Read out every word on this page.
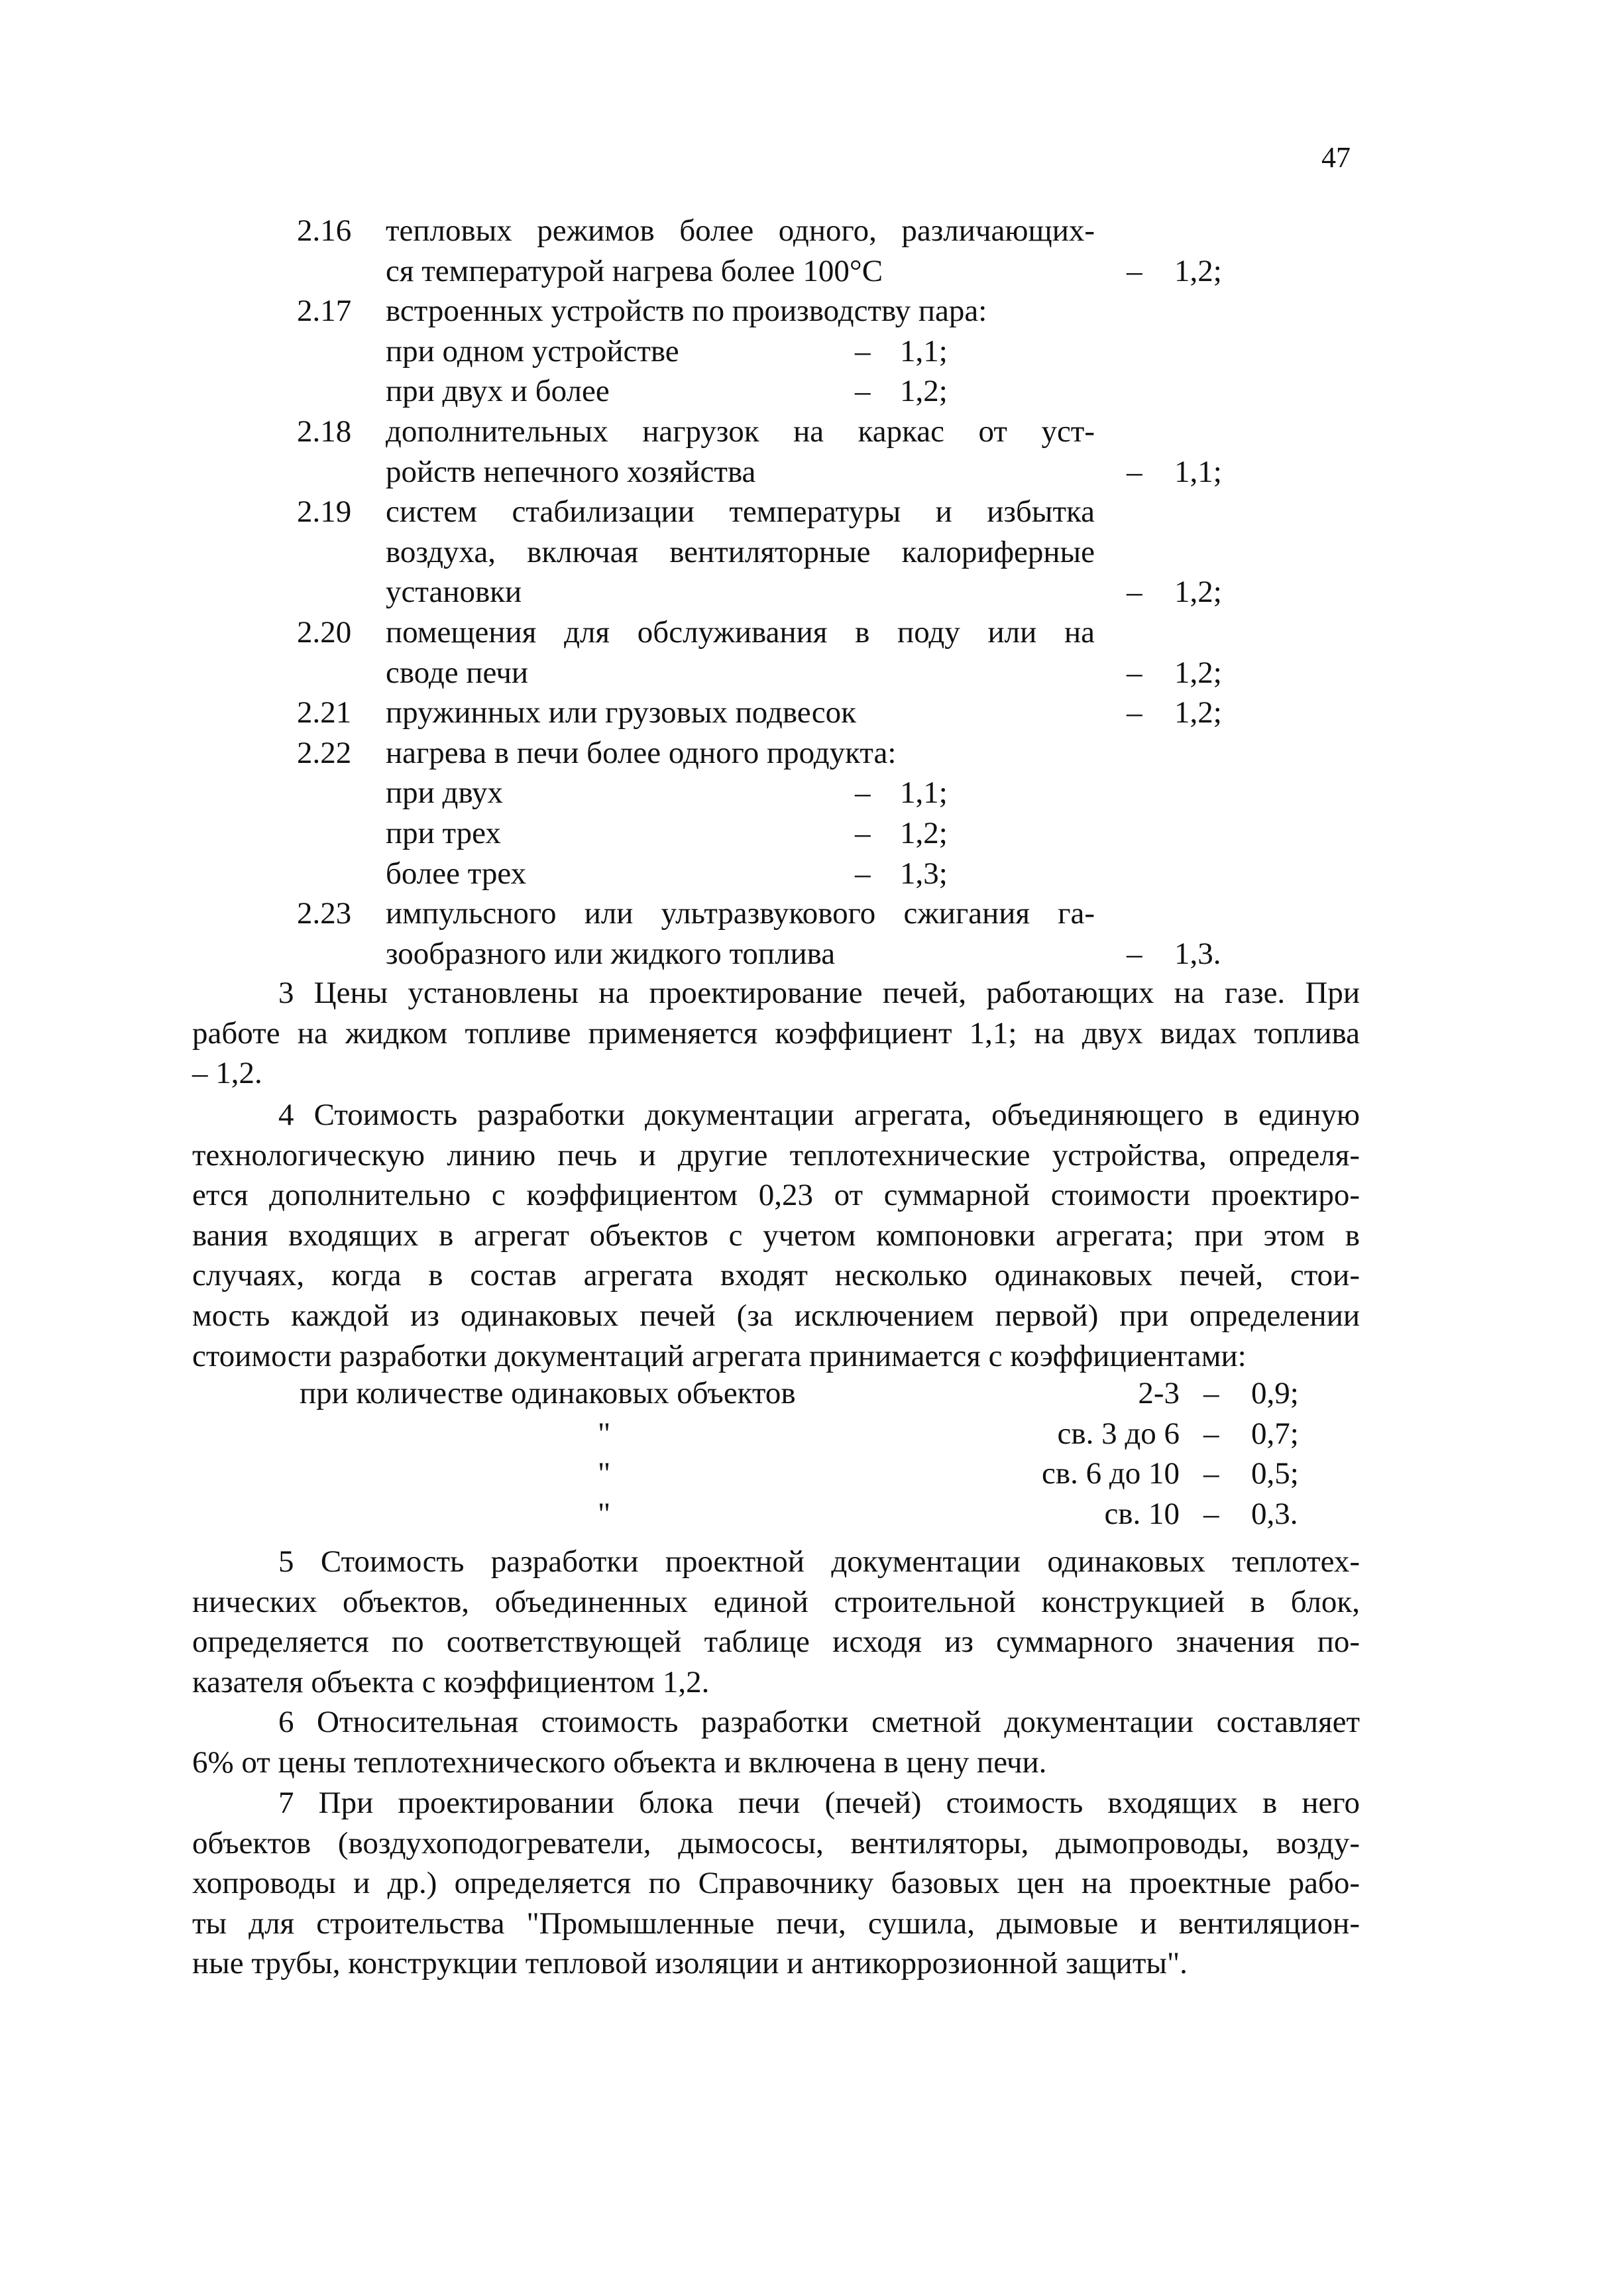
47
2.16 тепловых режимов более одного, различающих-
ся температурой нагрева более 100°C	– 1,2;
2.17 встроенных устройств по производству пара:
при одном устройстве	– 1,1;
при двух и более	– 1,2;
2.18 дополнительных нагрузок на каркас от уст-
ройств непечного хозяйства	– 1,1;
2.19 систем стабилизации температуры и избытка
воздуха, включая вентиляторные калориферные
установки	– 1,2;
2.20 помещения для обслуживания в поду или на
своде печи	– 1,2;
2.21 пружинных или грузовых подвесок	– 1,2;
2.22 нагрева в печи более одного продукта:
при двух	– 1,1;
при трех	– 1,2;
более трех	– 1,3;
2.23 импульсного или ультразвукового сжигания га-
зообразного или жидкого топлива	– 1,3.
3 Цены установлены на проектирование печей, работающих на газе. При
работе на жидком топливе применяется коэффициент 1,1; на двух видах топлива
– 1,2.
4 Стоимость разработки документации агрегата, объединяющего в единую
технологическую линию печь и другие теплотехнические устройства, определя-
ется дополнительно с коэффициентом 0,23 от суммарной стоимости проектиро-
вания входящих в агрегат объектов с учетом компоновки агрегата; при этом в
случаях, когда в состав агрегата входят несколько одинаковых печей, стои-
мость каждой из одинаковых печей (за исключением первой) при определении
стоимости разработки документаций агрегата принимается с коэффициентами:
при количестве одинаковых объектов	2-3 – 0,9;
"	св. 3 до 6 – 0,7;
"	св. 6 до 10 – 0,5;
"	св. 10 – 0,3.
5 Стоимость разработки проектной документации одинаковых теплотех-
нических объектов, объединенных единой строительной конструкцией в блок,
определяется по соответствующей таблице исходя из суммарного значения по-
казателя объекта с коэффициентом 1,2.
6 Относительная стоимость разработки сметной документации составляет
6% от цены теплотехнического объекта и включена в цену печи.
7 При проектировании блока печи (печей) стоимость входящих в него
объектов (воздухоподогреватели, дымососы, вентиляторы, дымопроводы, возду-
хопроводы и др.) определяется по Справочнику базовых цен на проектные рабо-
ты для строительства "Промышленные печи, сушила, дымовые и вентиляцион-
ные трубы, конструкции тепловой изоляции и антикоррозионной защиты".
